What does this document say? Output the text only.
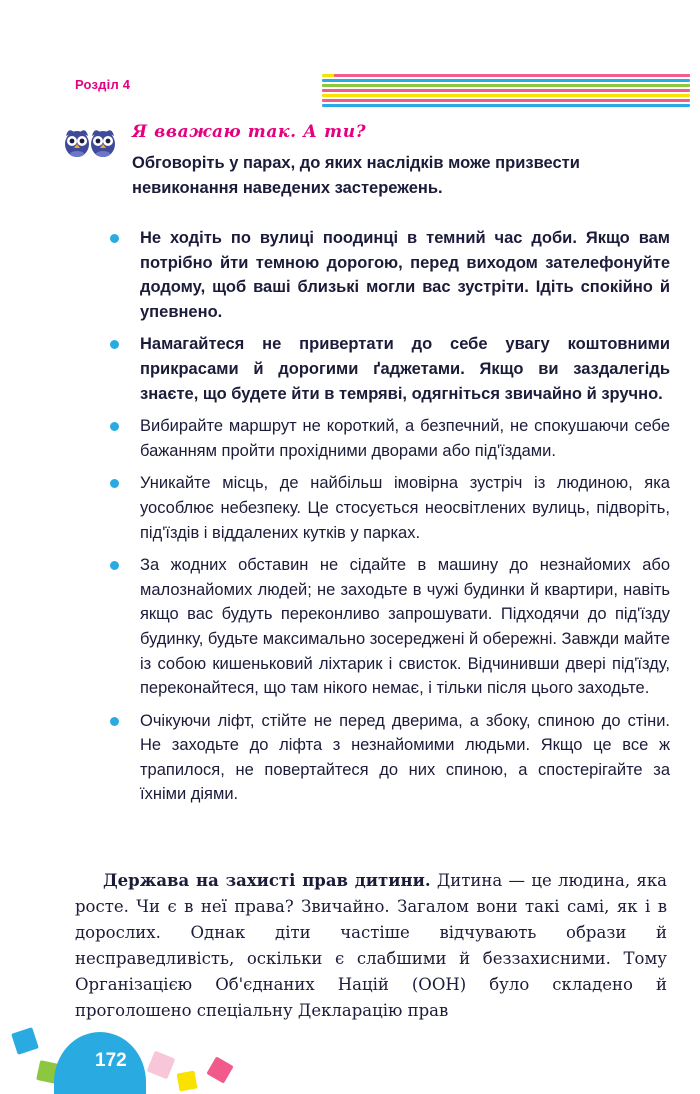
Розділ 4
Я вважаю так. А ти?
Обговоріть у парах, до яких наслідків може призвести невиконання наведених застережень.
Не ходіть по вулиці поодинці в темний час доби. Якщо вам потрібно йти темною дорогою, перед виходом зателефонуйте додому, щоб ваші близькі могли вас зустріти. Ідіть спокійно й упевнено.
Намагайтеся не привертати до себе увагу коштовними прикрасами й дорогими ґаджетами. Якщо ви заздалегідь знаєте, що будете йти в темряві, одягніться звичайно й зручно.
Вибирайте маршрут не короткий, а безпечний, не спокушаючи себе бажанням пройти прохідними дворами або під'їздами.
Уникайте місць, де найбільш імовірна зустріч із людиною, яка уособлює небезпеку. Це стосується неосвітлених вулиць, підворіть, під'їздів і віддалених кутків у парках.
За жодних обставин не сідайте в машину до незнайомих або малознайомих людей; не заходьте в чужі будинки й квартири, навіть якщо вас будуть переконливо запрошувати. Підходячи до під'їзду будинку, будьте максимально зосереджені й обережні. Завжди майте із собою кишеньковий ліхтарик і свисток. Відчинивши двері під'їзду, переконайтеся, що там нікого немає, і тільки після цього заходьте.
Очікуючи ліфт, стійте не перед дверима, а збоку, спиною до стіни. Не заходьте до ліфта з незнайомими людьми. Якщо це все ж трапилося, не повертайтеся до них спиною, а спостерігайте за їхніми діями.
Держава на захисті прав дитини. Дитина — це людина, яка росте. Чи є в неї права? Звичайно. Загалом вони такі самі, як і в дорослих. Однак діти частіше відчувають образи й несправедливість, оскільки є слабшими й беззахисними. Тому Організацією Об'єднаних Націй (ООН) було складено й проголошено спеціальну Декларацію прав
172
